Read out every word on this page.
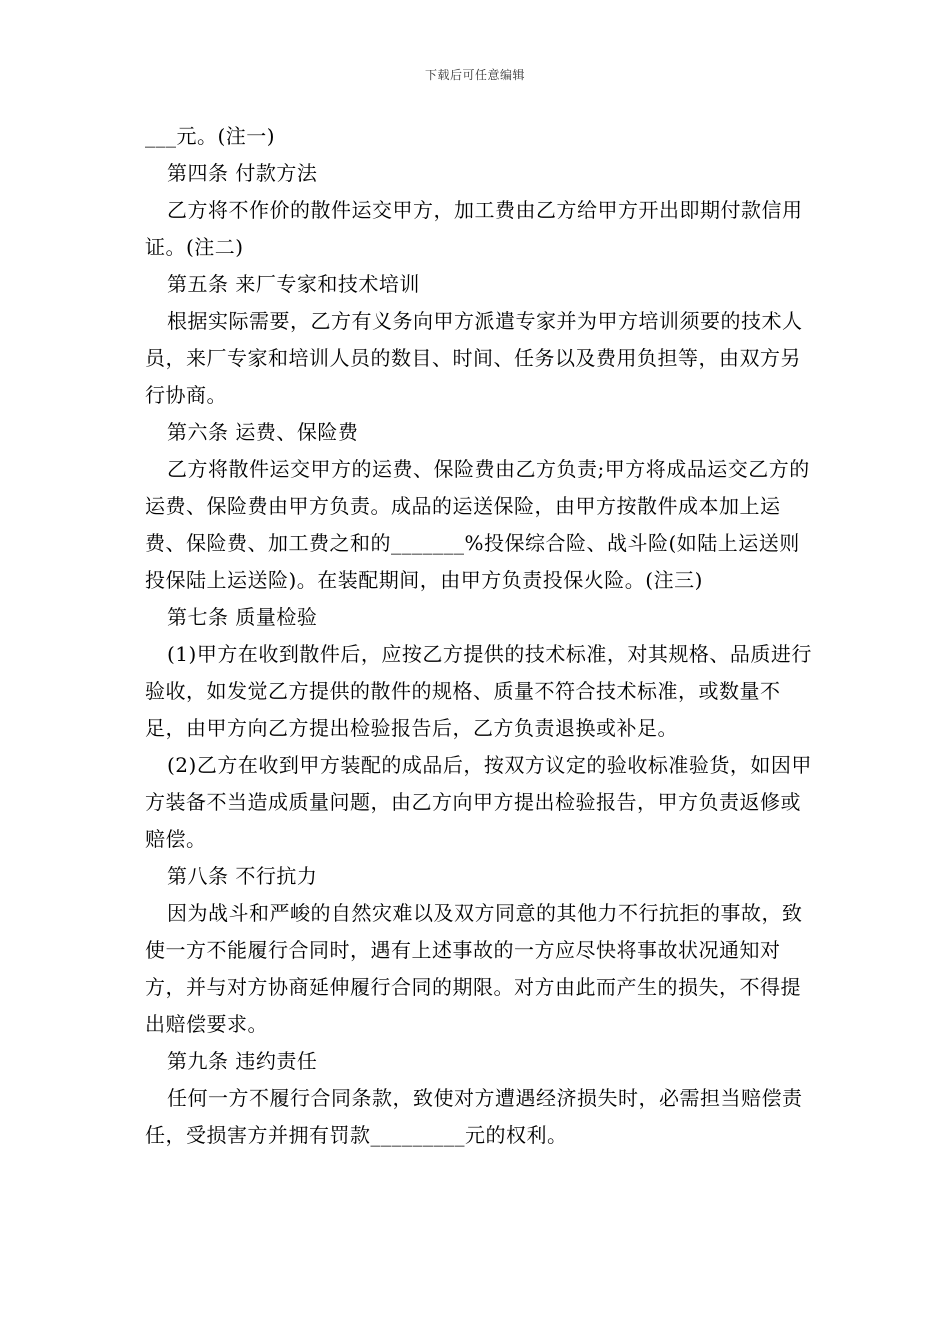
下载后可任意编辑

___元。(注一)

第四条 付款方法

乙方将不作价的散件运交甲方，加工费由乙方给甲方开出即期付款信用证。(注二)

第五条 来厂专家和技术培训

根据实际需要，乙方有义务向甲方派遣专家并为甲方培训须要的技术人员，来厂专家和培训人员的数目、时间、任务以及费用负担等，由双方另行协商。

第六条 运费、保险费

乙方将散件运交甲方的运费、保险费由乙方负责;甲方将成品运交乙方的运费、保险费由甲方负责。成品的运送保险，由甲方按散件成本加上运费、保险费、加工费之和的_______%投保综合险、战斗险(如陆上运送则投保陆上运送险)。在装配期间，由甲方负责投保火险。(注三)

第七条 质量检验

(1)甲方在收到散件后，应按乙方提供的技术标准，对其规格、品质进行验收，如发觉乙方提供的散件的规格、质量不符合技术标准，或数量不足，由甲方向乙方提出检验报告后，乙方负责退换或补足。

(2)乙方在收到甲方装配的成品后，按双方议定的验收标准验货，如因甲方装备不当造成质量问题，由乙方向甲方提出检验报告，甲方负责返修或赔偿。

第八条 不行抗力

因为战斗和严峻的自然灾难以及双方同意的其他力不行抗拒的事故，致使一方不能履行合同时，遇有上述事故的一方应尽快将事故状况通知对方，并与对方协商延伸履行合同的期限。对方由此而产生的损失，不得提出赔偿要求。

第九条 违约责任

任何一方不履行合同条款，致使对方遭遇经济损失时，必需担当赔偿责任，受损害方并拥有罚款_________元的权利。
